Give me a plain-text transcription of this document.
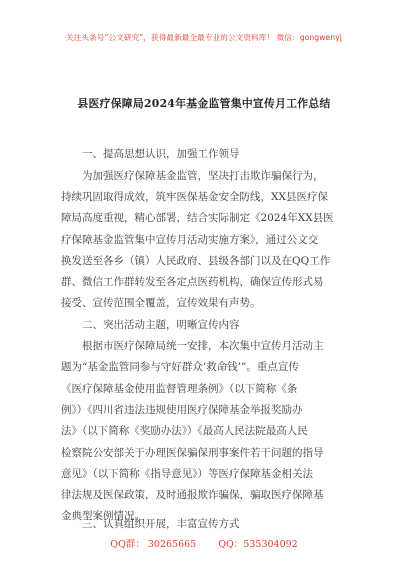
关注头条号“公文研究”，获得最新最全最专业的公文资料库！ 微信：gongwenyj
县医疗保障局2024年基金监管集中宣传月工作总结
一、提高思想认识，加强工作领导
为加强医疗保障基金监管，坚决打击欺诈骗保行为，
持续巩固取得成效，筑牢医保基金安全防线，XX县医疗保
障局高度重视，精心部署，结合实际制定《2024年XX县医
疗保障基金监管集中宣传月活动实施方案》，通过公文交
换发送至各乡（镇）人民政府、县级各部门以及在QQ工作
群、微信工作群转发至各定点医药机构，确保宣传形式易
接受、宣传范围全覆盖，宣传效果有声势。
二、突出活动主题，明晰宣传内容
根据市医疗保障局统一安排，本次集中宣传月活动主
题为“基金监管同参与守好群众‘救命钱’”。重点宣传
《医疗保障基金使用监督管理条例》（以下简称《条
例》）《四川省违法违规使用医疗保障基金举报奖励办
法》（以下简称《奖励办法》）《最高人民法院最高人民
检察院公安部关于办理医保骗保刑事案件若干问题的指导
意见》（以下简称《指导意见》）等医疗保障基金相关法
律法规及医保政策，及时通报欺诈骗保，骗取医疗保障基
金典型案例情况。
三、认真组织开展，丰富宣传方式
QQ群： 30265665 QQ：535304092
